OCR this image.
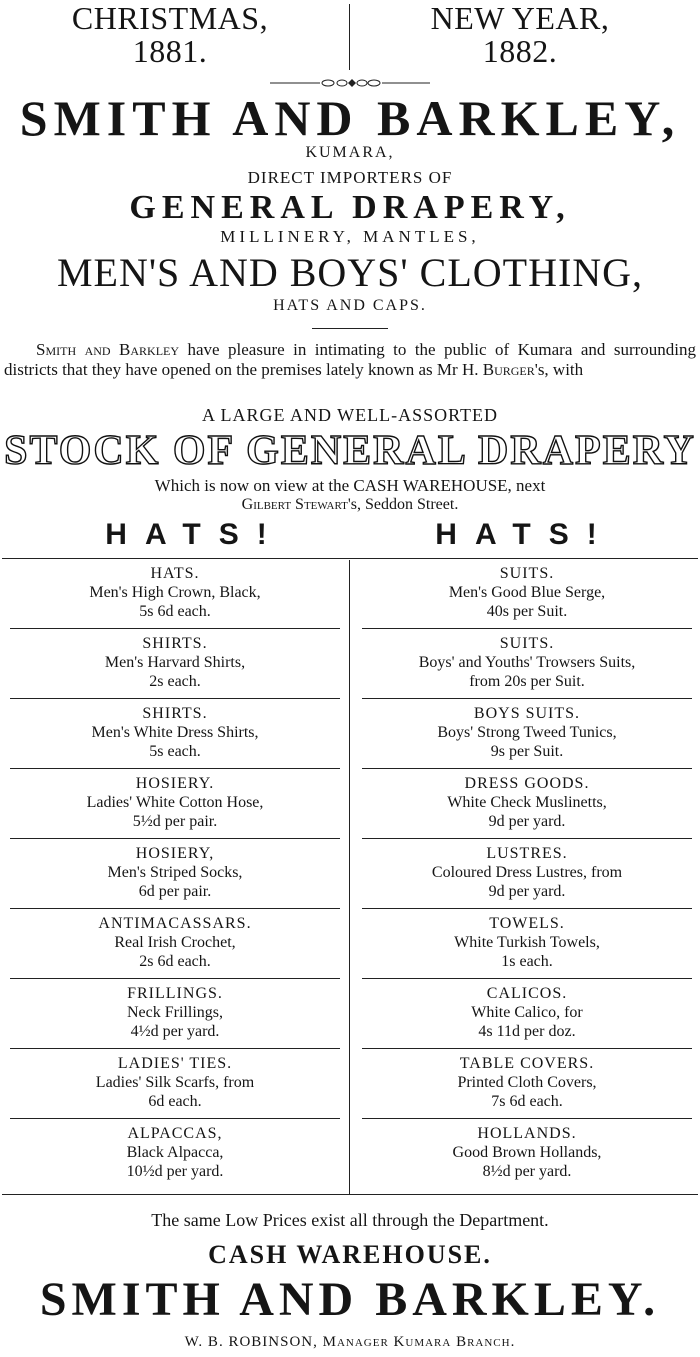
CHRISTMAS,
1881.
NEW YEAR,
1882.
SMITH AND BARKLEY,
KUMARA,
DIRECT IMPORTERS OF
GENERAL DRAPERY,
MILLINERY, MANTLES,
MEN'S AND BOYS' CLOTHING,
HATS AND CAPS.
Smith and Barkley have pleasure in intimating to the public of Kumara and surrounding districts that they have opened on the premises lately known as Mr H. Burger's, with
A LARGE AND WELL-ASSORTED
STOCK OF GENERAL DRAPERY
Which is now on view at the CASH WAREHOUSE, next
Gilbert Stewart's, Seddon Street.
HATS!	HATS!
HATS.
Men's High Crown, Black,
5s 6d each.
SHIRTS.
Men's Harvard Shirts,
2s each.
SHIRTS.
Men's White Dress Shirts,
5s each.
HOSIERY.
Ladies' White Cotton Hose,
5½d per pair.
HOSIERY,
Men's Striped Socks,
6d per pair.
ANTIMACASSARS.
Real Irish Crochet,
2s 6d each.
FRILLINGS.
Neck Frillings,
4½d per yard.
LADIES' TIES.
Ladies' Silk Scarfs, from
6d each.
ALPACCAS,
Black Alpacca,
10½d per yard.
SUITS.
Men's Good Blue Serge,
40s per Suit.
SUITS.
Boys' and Youths' Trowsers Suits,
from 20s per Suit.
BOYS SUITS.
Boys' Strong Tweed Tunics,
9s per Suit.
DRESS GOODS.
White Check Muslinetts,
9d per yard.
LUSTRES.
Coloured Dress Lustres, from
9d per yard.
TOWELS.
White Turkish Towels,
1s each.
CALICOS.
White Calico, for
4s 11d per doz.
TABLE COVERS.
Printed Cloth Covers,
7s 6d each.
HOLLANDS.
Good Brown Hollands,
8½d per yard.
The same Low Prices exist all through the Department.
CASH WAREHOUSE.
SMITH AND BARKLEY.
W. B. ROBINSON, Manager Kumara Branch.
